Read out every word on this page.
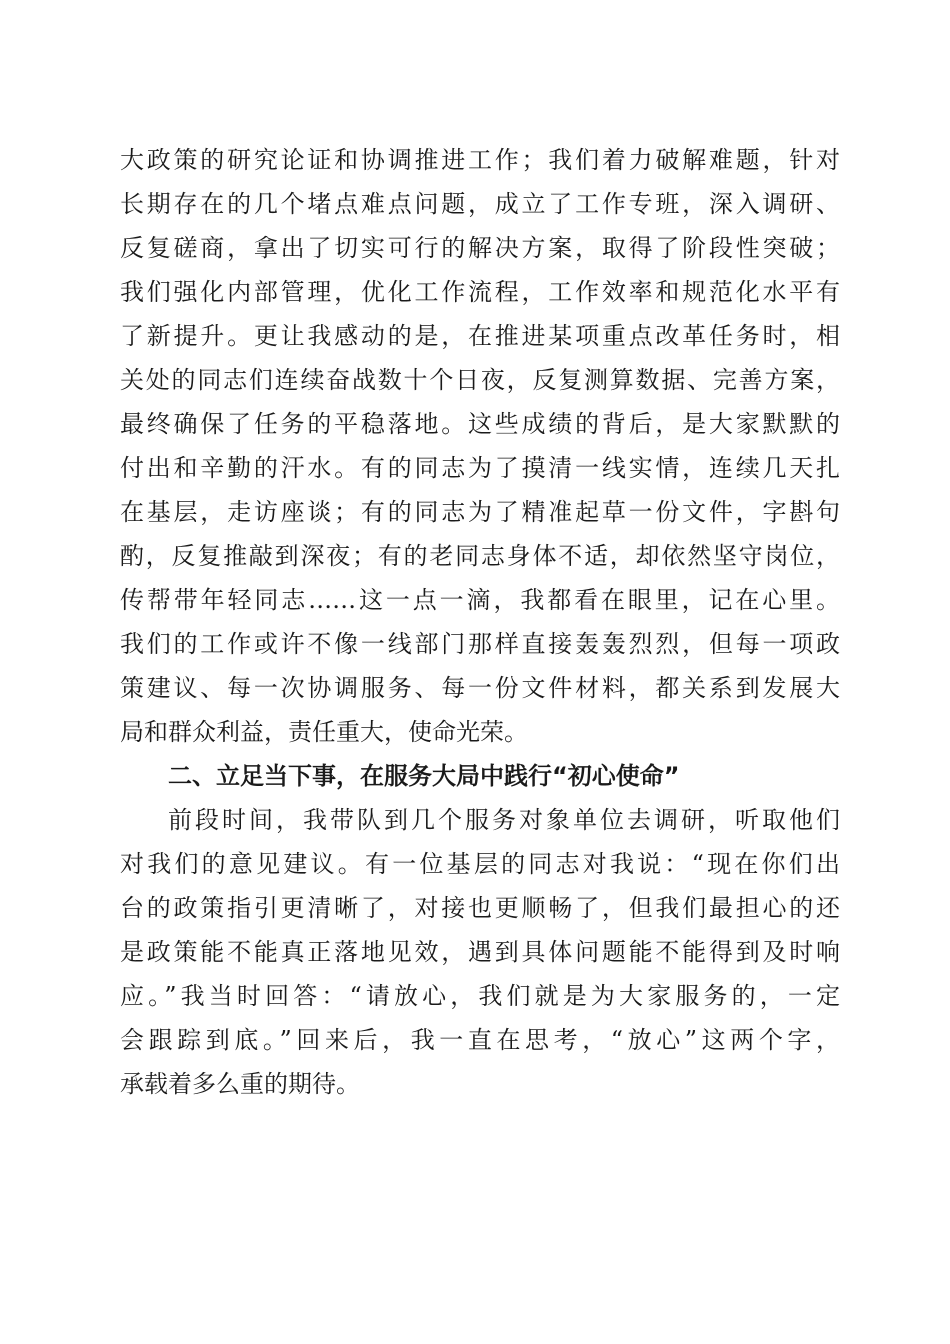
大政策的研究论证和协调推进工作；我们着力破解难题，针对
长期存在的几个堵点难点问题，成立了工作专班，深入调研、
反复磋商，拿出了切实可行的解决方案，取得了阶段性突破；
我们强化内部管理，优化工作流程，工作效率和规范化水平有
了新提升。更让我感动的是，在推进某项重点改革任务时，相
关处的同志们连续奋战数十个日夜，反复测算数据、完善方案，
最终确保了任务的平稳落地。这些成绩的背后，是大家默默的
付出和辛勤的汗水。有的同志为了摸清一线实情，连续几天扎
在基层，走访座谈；有的同志为了精准起草一份文件，字斟句
酌，反复推敲到深夜；有的老同志身体不适，却依然坚守岗位，
传帮带年轻同志……这一点一滴，我都看在眼里，记在心里。
我们的工作或许不像一线部门那样直接轰轰烈烈，但每一项政
策建议、每一次协调服务、每一份文件材料，都关系到发展大
局和群众利益，责任重大，使命光荣。
二、立足当下事，在服务大局中践行“初心使命”
前段时间，我带队到几个服务对象单位去调研，听取他们
对我们的意见建议。有一位基层的同志对我说：“现在你们出
台的政策指引更清晰了，对接也更顺畅了，但我们最担心的还
是政策能不能真正落地见效，遇到具体问题能不能得到及时响
应。”我当时回答：“请放心，我们就是为大家服务的，一定
会跟踪到底。”回来后，我一直在思考，“放心”这两个字，
承载着多么重的期待。
